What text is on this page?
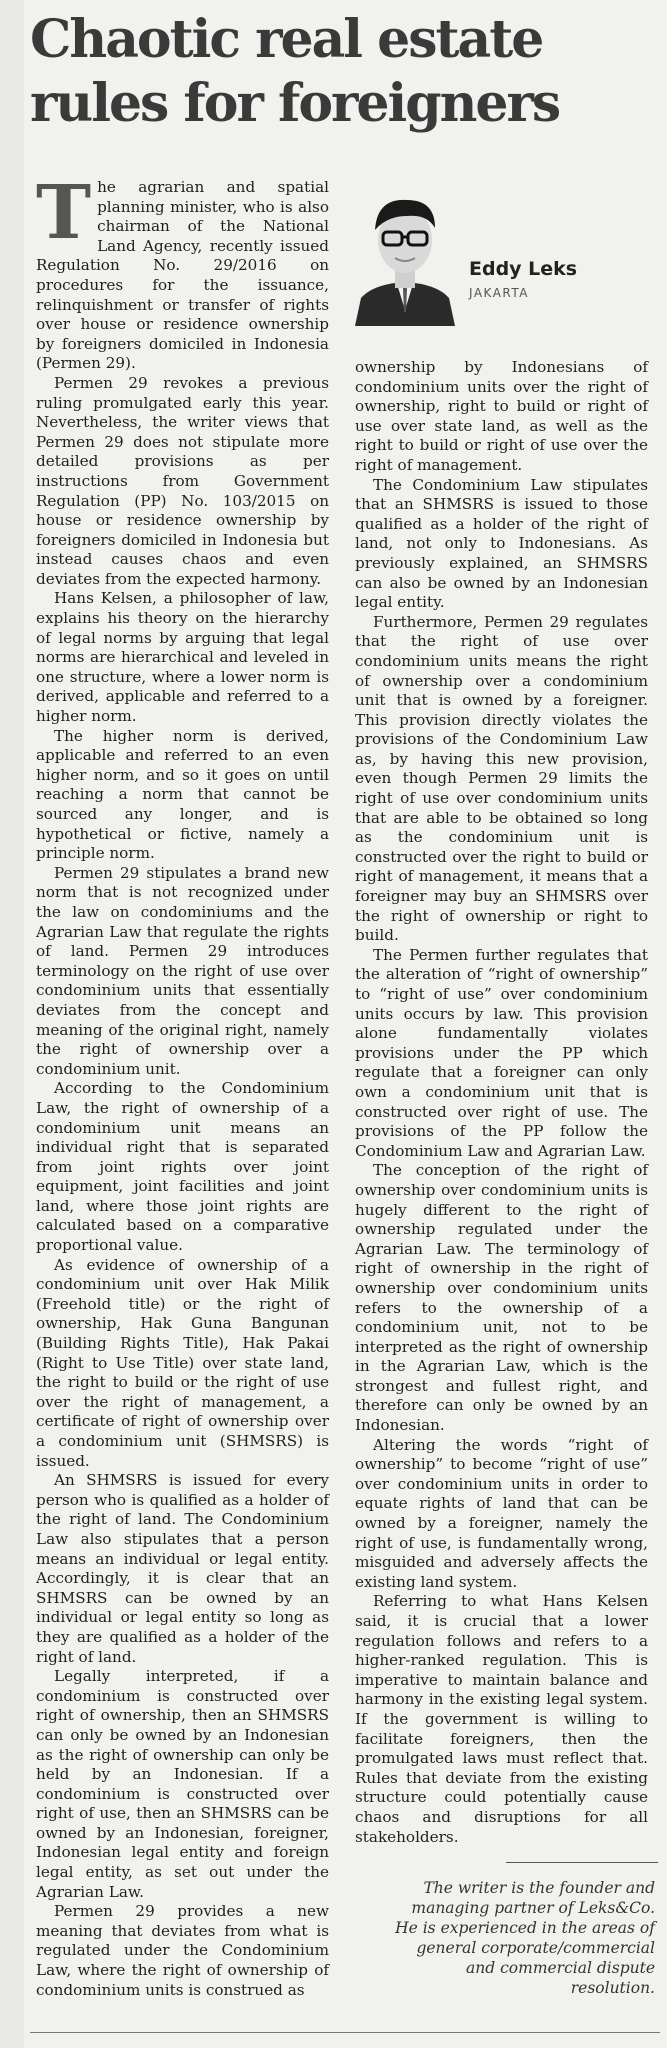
Chaotic real estate rules for foreigners

The agrarian and spatial planning minister, who is also chairman of the National Land Agency, recently issued Regulation No. 29/2016 on procedures for the issuance, relinquishment or transfer of rights over house or residence ownership by foreigners domiciled in Indonesia (Permen 29).

Permen 29 revokes a previous ruling promulgated early this year. Nevertheless, the writer views that Permen 29 does not stipulate more detailed provisions as per instructions from Government Regulation (PP) No. 103/2015 on house or residence ownership by foreigners domiciled in Indonesia but instead causes chaos and even deviates from the expected harmony.

Hans Kelsen, a philosopher of law, explains his theory on the hierarchy of legal norms by arguing that legal norms are hierarchical and leveled in one structure, where a lower norm is derived, applicable and referred to a higher norm.

The higher norm is derived, applicable and referred to an even higher norm, and so it goes on until reaching a norm that cannot be sourced any longer, and is hypothetical or fictive, namely a principle norm.

Permen 29 stipulates a brand new norm that is not recognized under the law on condominiums and the Agrarian Law that regulate the rights of land. Permen 29 introduces terminology on the right of use over condominium units that essentially deviates from the concept and meaning of the original right, namely the right of ownership over a condominium unit.

According to the Condominium Law, the right of ownership of a condominium unit means an individual right that is separated from joint rights over joint equipment, joint facilities and joint land, where those joint rights are calculated based on a comparative proportional value.

As evidence of ownership of a condominium unit over Hak Milik (Freehold title) or the right of ownership, Hak Guna Bangunan (Building Rights Title), Hak Pakai (Right to Use Title) over state land, the right to build or the right of use over the right of management, a certificate of right of ownership over a condominium unit (SHMSRS) is issued.

An SHMSRS is issued for every person who is qualified as a holder of the right of land. The Condominium Law also stipulates that a person means an individual or legal entity. Accordingly, it is clear that an SHMSRS can be owned by an individual or legal entity so long as they are qualified as a holder of the right of land.

Legally interpreted, if a condominium is constructed over right of ownership, then an SHMSRS can only be owned by an Indonesian as the right of ownership can only be held by an Indonesian. If a condominium is constructed over right of use, then an SHMSRS can be owned by an Indonesian, foreigner, Indonesian legal entity and foreign legal entity, as set out under the Agrarian Law.

Permen 29 provides a new meaning that deviates from what is regulated under the Condominium Law, where the right of ownership of condominium units is construed as

Eddy Leks
JAKARTA

ownership by Indonesians of condominium units over the right of ownership, right to build or right of use over state land, as well as the right to build or right of use over the right of management.

The Condominium Law stipulates that an SHMSRS is issued to those qualified as a holder of the right of land, not only to Indonesians. As previously explained, an SHMSRS can also be owned by an Indonesian legal entity.

Furthermore, Permen 29 regulates that the right of use over condominium units means the right of ownership over a condominium unit that is owned by a foreigner. This provision directly violates the provisions of the Condominium Law as, by having this new provision, even though Permen 29 limits the right of use over condominium units that are able to be obtained so long as the condominium unit is constructed over the right to build or right of management, it means that a foreigner may buy an SHMSRS over the right of ownership or right to build.

The Permen further regulates that the alteration of “right of ownership” to “right of use” over condominium units occurs by law. This provision alone fundamentally violates provisions under the PP which regulate that a foreigner can only own a condominium unit that is constructed over right of use. The provisions of the PP follow the Condominium Law and Agrarian Law.

The conception of the right of ownership over condominium units is hugely different to the right of ownership regulated under the Agrarian Law. The terminology of right of ownership in the right of ownership over condominium units refers to the ownership of a condominium unit, not to be interpreted as the right of ownership in the Agrarian Law, which is the strongest and fullest right, and therefore can only be owned by an Indonesian.

Altering the words “right of ownership” to become “right of use” over condominium units in order to equate rights of land that can be owned by a foreigner, namely the right of use, is fundamentally wrong, misguided and adversely affects the existing land system.

Referring to what Hans Kelsen said, it is crucial that a lower regulation follows and refers to a higher-ranked regulation. This is imperative to maintain balance and harmony in the existing legal system. If the government is willing to facilitate foreigners, then the promulgated laws must reflect that. Rules that deviate from the existing structure could potentially cause chaos and disruptions for all stakeholders.

The writer is the founder and managing partner of Leks&Co. He is experienced in the areas of general corporate/commercial and commercial dispute resolution.
